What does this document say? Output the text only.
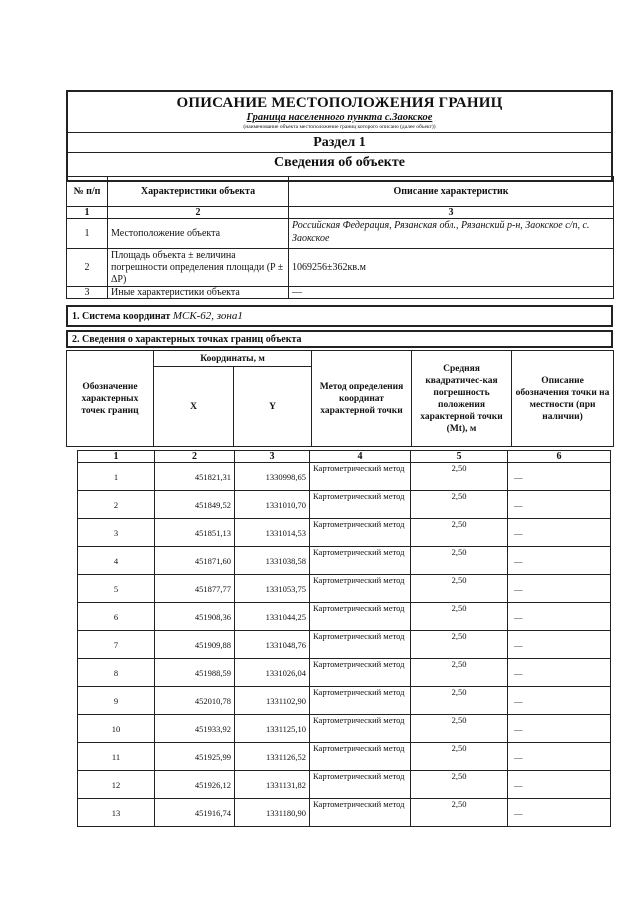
ОПИСАНИЕ МЕСТОПОЛОЖЕНИЯ ГРАНИЦ
Граница населенного пункта с.Заокское
(наименование объекта местоположение границ которого описано (далее объект))
Раздел 1
Сведения об объекте
№ п/п	Характеристики объекта	Описание характеристик
1	2	3
1	Местоположение объекта	Российская Федерация, Рязанская обл., Рязанский р-н, Заокское с/п, с. Заокское
2	Площадь объекта ± величина погрешности определения площади (P ± ΔP)	1069256±362кв.м
3	Иные характеристики объекта	—
1. Система координат МСК-62, зона1
2. Сведения о характерных точках границ объекта
Обозначение характерных точек границ	Координаты, м		Метод определения координат характерной точки	Средняя квадратичес-кая погрешность положения характерной точки (Mt), м	Описание обозначения точки на местности (при наличии)
	X	Y			
1	2	3	4	5	6
1	451821,31	1330998,65	Картометрический метод	2,50	—
2	451849,52	1331010,70	Картометрический метод	2,50	—
3	451851,13	1331014,53	Картометрический метод	2,50	—
4	451871,60	1331038,58	Картометрический метод	2,50	—
5	451877,77	1331053,75	Картометрический метод	2,50	—
6	451908,36	1331044,25	Картометрический метод	2,50	—
7	451909,88	1331048,76	Картометрический метод	2,50	—
8	451988,59	1331026,04	Картометрический метод	2,50	—
9	452010,78	1331102,90	Картометрический метод	2,50	—
10	451933,92	1331125,10	Картометрический метод	2,50	—
11	451925,99	1331126,52	Картометрический метод	2,50	—
12	451926,12	1331131,82	Картометрический метод	2,50	—
13	451916,74	1331180,90	Картометрический метод	2,50	—
